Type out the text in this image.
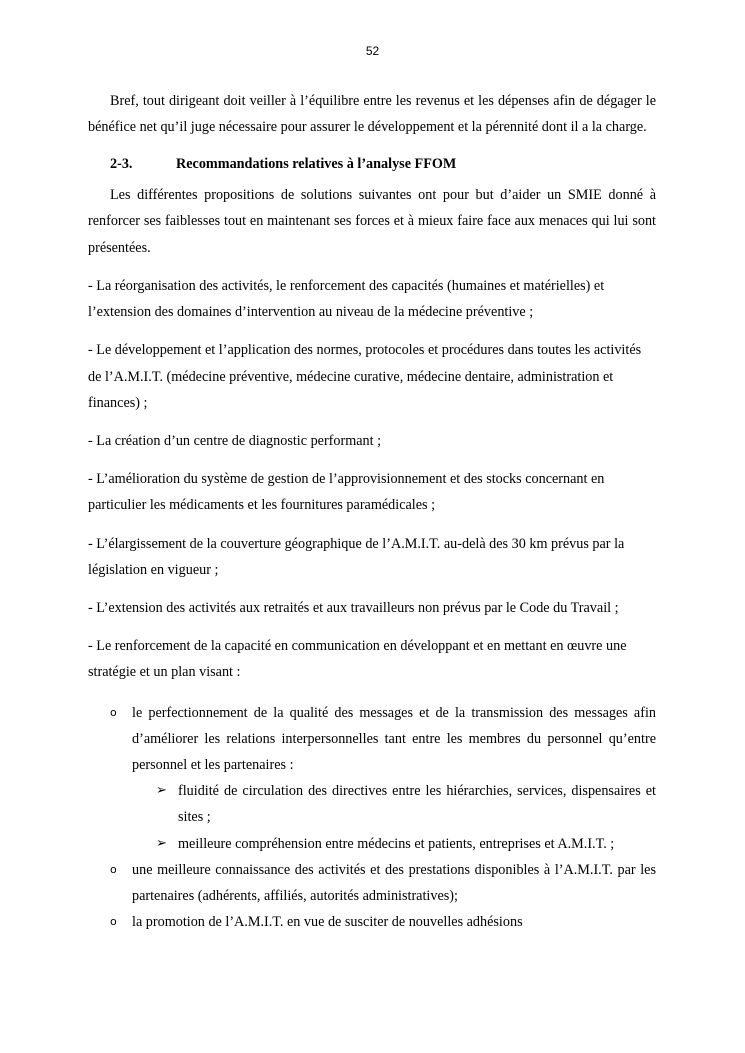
52

Bref, tout dirigeant doit veiller à l’équilibre entre les revenus et les dépenses afin de dégager le bénéfice net qu’il juge nécessaire pour assurer le développement et la pérennité dont il a la charge.

2-3.	Recommandations relatives à l’analyse FFOM

Les différentes propositions de solutions suivantes ont pour but d’aider un SMIE donné à renforcer ses faiblesses tout en maintenant ses forces et à mieux faire face aux menaces qui lui sont présentées.

- La réorganisation des activités, le renforcement des capacités (humaines et matérielles) et l’extension des domaines d’intervention au niveau de la médecine préventive ;

- Le développement et l’application des normes, protocoles et procédures dans toutes les activités de l’A.M.I.T. (médecine préventive, médecine curative, médecine dentaire, administration et finances) ;

- La création d’un centre de diagnostic performant ;

- L’amélioration du système de gestion de l’approvisionnement et des stocks concernant en particulier les médicaments et les fournitures paramédicales ;

- L’élargissement de la couverture géographique de l’A.M.I.T. au-delà des 30 km prévus par la législation en vigueur ;

- L’extension des activités aux retraités et aux travailleurs non prévus par le Code du Travail ;

- Le renforcement de la capacité en communication en développant et en mettant en œuvre une stratégie et un plan visant :

o le perfectionnement de la qualité des messages et de la transmission des messages afin d’améliorer les relations interpersonnelles tant entre les membres du personnel qu’entre personnel et les partenaires :

➢ fluidité de circulation des directives entre les hiérarchies, services, dispensaires et sites ;

➢ meilleure compréhension entre médecins et patients, entreprises et A.M.I.T. ;

o une meilleure connaissance des activités et des prestations disponibles à l’A.M.I.T. par les partenaires (adhérents, affiliés, autorités administratives);

o la promotion de l’A.M.I.T. en vue de susciter de nouvelles adhésions
